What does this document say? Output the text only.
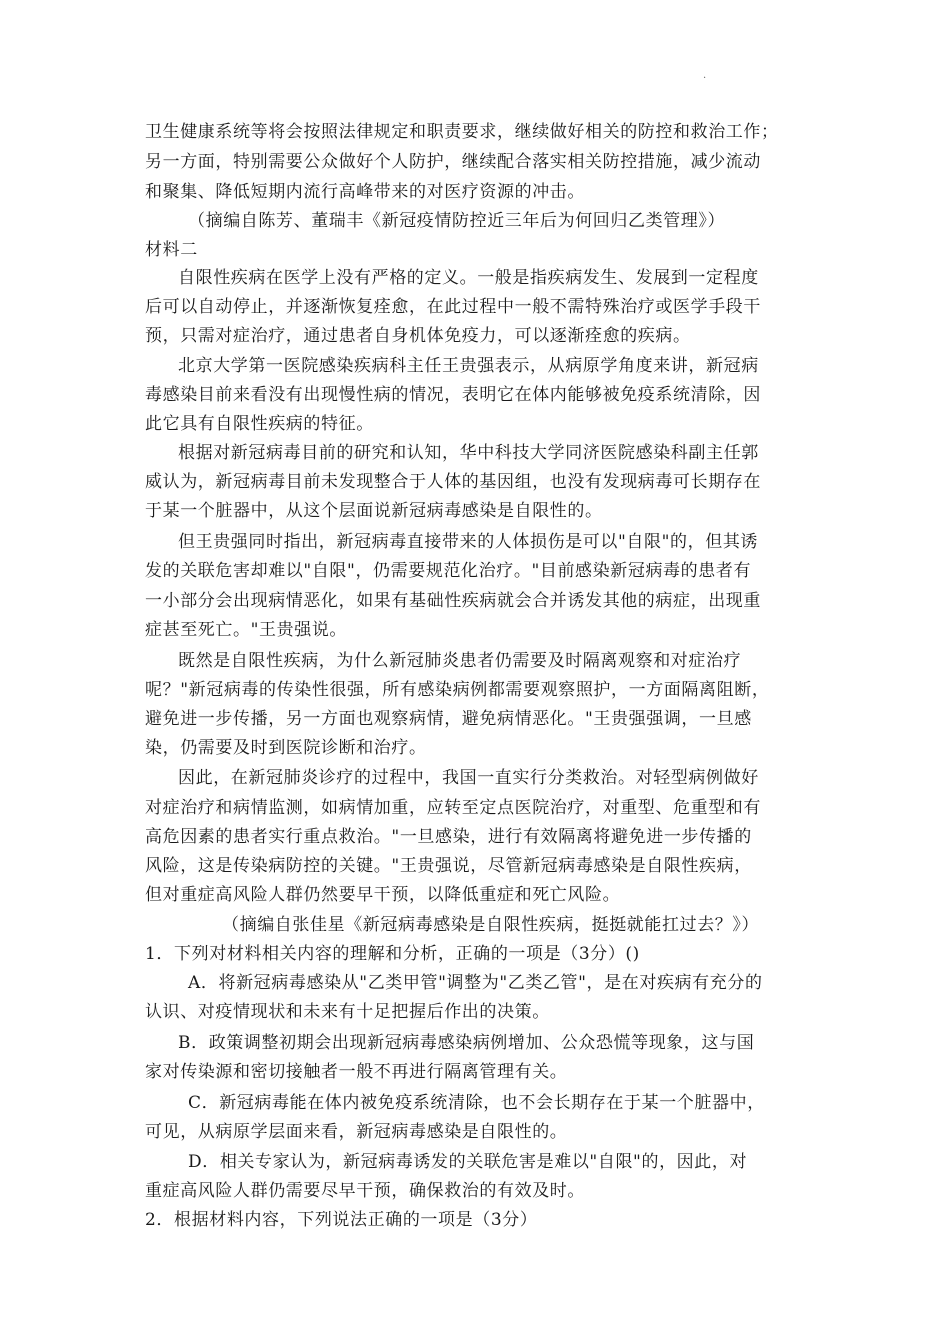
.
卫生健康系统等将会按照法律规定和职责要求，继续做好相关的防控和救治工作；
另一方面，特别需要公众做好个人防护，继续配合落实相关防控措施，减少流动
和聚集、降低短期内流行高峰带来的对医疗资源的冲击。
（摘编自陈芳、董瑞丰《新冠疫情防控近三年后为何回归乙类管理》）
材料二
自限性疾病在医学上没有严格的定义。一般是指疾病发生、发展到一定程度
后可以自动停止，并逐渐恢复痊愈，在此过程中一般不需特殊治疗或医学手段干
预，只需对症治疗，通过患者自身机体免疫力，可以逐渐痊愈的疾病。
北京大学第一医院感染疾病科主任王贵强表示，从病原学角度来讲，新冠病
毒感染目前来看没有出现慢性病的情况，表明它在体内能够被免疫系统清除，因
此它具有自限性疾病的特征。
根据对新冠病毒目前的研究和认知，华中科技大学同济医院感染科副主任郭
威认为，新冠病毒目前未发现整合于人体的基因组，也没有发现病毒可长期存在
于某一个脏器中，从这个层面说新冠病毒感染是自限性的。
但王贵强同时指出，新冠病毒直接带来的人体损伤是可以"自限"的，但其诱
发的关联危害却难以"自限"，仍需要规范化治疗。"目前感染新冠病毒的患者有
一小部分会出现病情恶化，如果有基础性疾病就会合并诱发其他的病症，出现重
症甚至死亡。"王贵强说。
既然是自限性疾病，为什么新冠肺炎患者仍需要及时隔离观察和对症治疗
呢？"新冠病毒的传染性很强，所有感染病例都需要观察照护，一方面隔离阻断，
避免进一步传播，另一方面也观察病情，避免病情恶化。"王贵强强调，一旦感
染，仍需要及时到医院诊断和治疗。
因此，在新冠肺炎诊疗的过程中，我国一直实行分类救治。对轻型病例做好
对症治疗和病情监测，如病情加重，应转至定点医院治疗，对重型、危重型和有
高危因素的患者实行重点救治。"一旦感染，进行有效隔离将避免进一步传播的
风险，这是传染病防控的关键。"王贵强说，尽管新冠病毒感染是自限性疾病，
但对重症高风险人群仍然要早干预，以降低重症和死亡风险。
（摘编自张佳星《新冠病毒感染是自限性疾病，挺挺就能扛过去？》）
1．下列对材料相关内容的理解和分析，正确的一项是（3分）()
A．将新冠病毒感染从"乙类甲管"调整为"乙类乙管"，是在对疾病有充分的
认识、对疫情现状和未来有十足把握后作出的决策。
B．政策调整初期会出现新冠病毒感染病例增加、公众恐慌等现象，这与国
家对传染源和密切接触者一般不再进行隔离管理有关。
C．新冠病毒能在体内被免疫系统清除，也不会长期存在于某一个脏器中，
可见，从病原学层面来看，新冠病毒感染是自限性的。
D．相关专家认为，新冠病毒诱发的关联危害是难以"自限"的，因此，对
重症高风险人群仍需要尽早干预，确保救治的有效及时。
2．根据材料内容，下列说法正确的一项是（3分）
